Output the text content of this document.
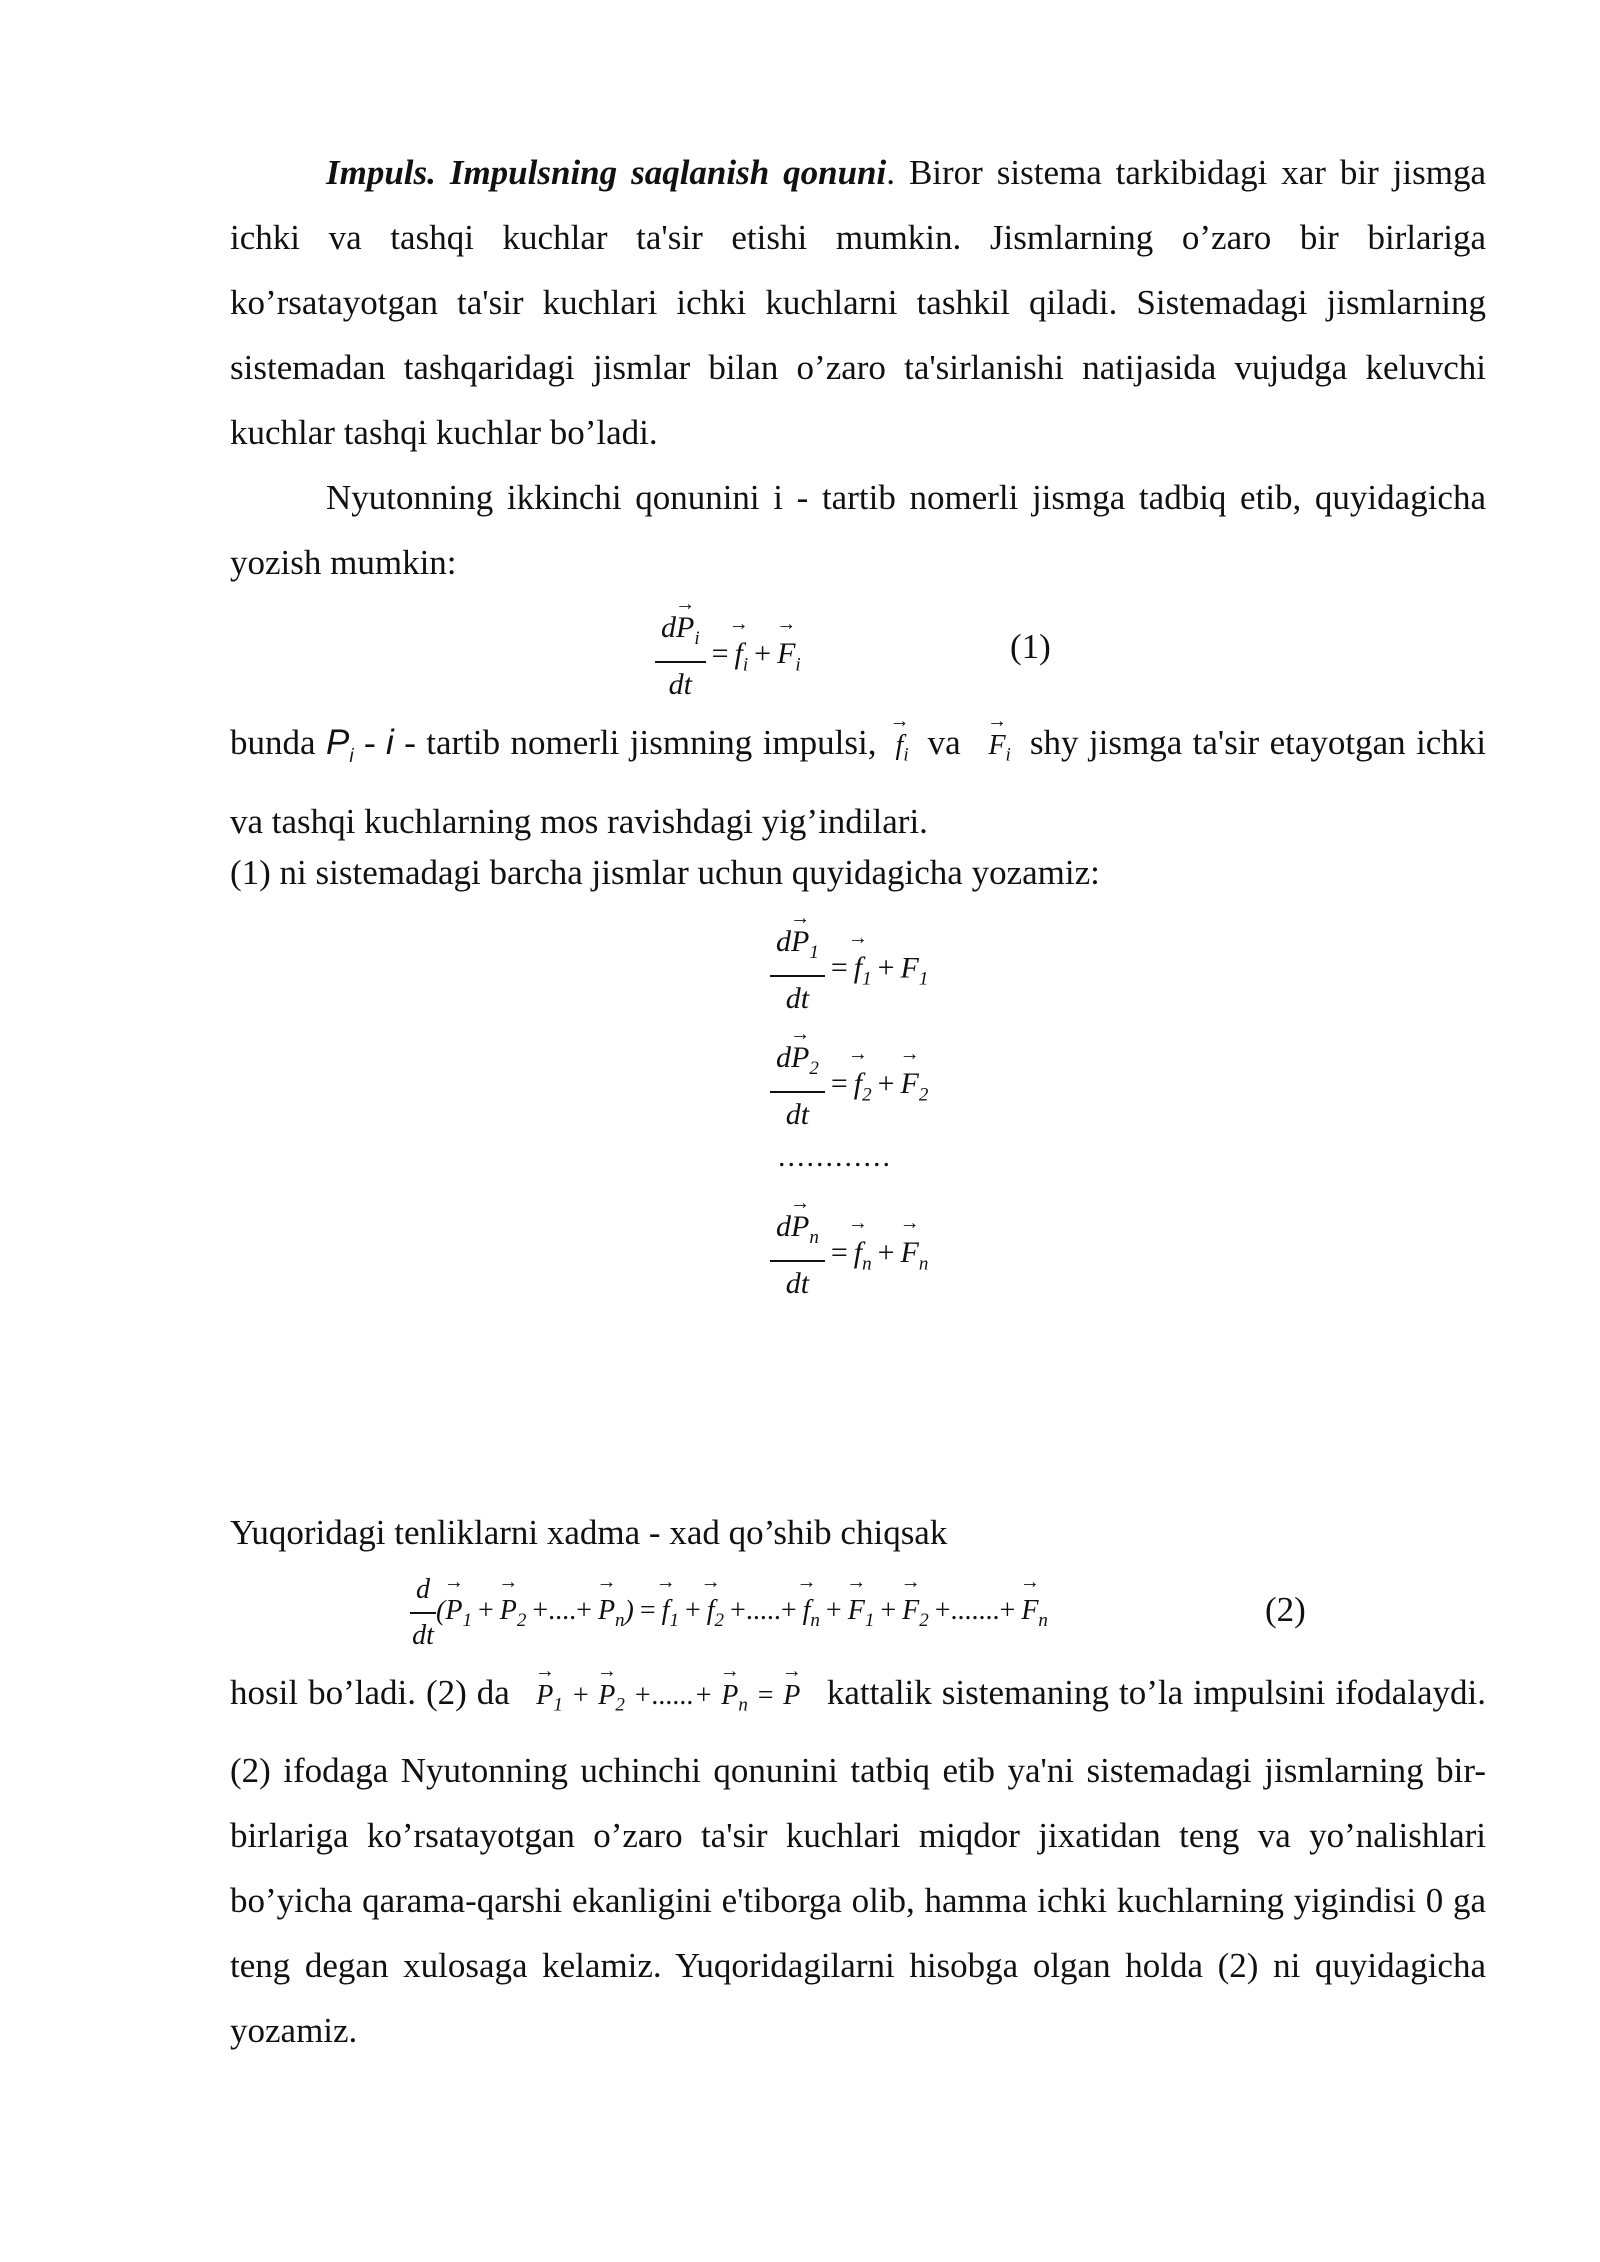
Impuls. Impulsning saqlanish qonuni. Biror sistema tarkibidagi xar bir jismga ichki va tashqi kuchlar ta'sir etishi mumkin. Jismlarning o’zaro bir birlariga ko’rsatayotgan ta'sir kuchlari ichki kuchlarni tashkil qiladi. Sistemadagi jismlarning sistemadan tashqaridagi jismlar bilan o’zaro ta'sirlanishi natijasida vujudga keluvchi kuchlar tashqi kuchlar bo’ladi.

Nyutonning ikkinchi qonunini i - tartib nomerli jismga tadbiq etib, quyidagicha yozish mumkin:

$\frac{d\to P_i}{dt} =\to f_i +\to F_i$	(1)

bunda $P_i$ - i - tartib nomerli jismning impulsi,  → $f_i$ va   → $F_i$ shy jismga ta'sir etayotgan ichki va tashqi kuchlarning mos ravishdagi yig’indilari.

(1) ni sistemadagi barcha jismlar uchun quyidagicha yozamiz:

$\frac{d\to P_1}{dt} =\to f_1 + F_1$
$\frac{d\to P_2}{dt} =\to f_2 +\to F_2$
............
$\frac{d\to P_n}{dt} =\to f_n +\to F_n$

Yuqoridagi tenliklarni xadma - xad qo’shib chiqsak

$\frac{d}{dt}$ (→ $P_1 +\to P_2$ +....+→ $P_n) =\to f_1 +\to f_2$ +.....+→ $f_n +\to F_1 +\to F_2$ +.......+→ $F_n$	(2)

hosil bo’ladi. (2) da   → $P_1$ + → $P_2$ +......+ → $P_n$ = → P kattalik sistemaning to’la impulsini ifodalaydi. (2) ifodaga Nyutonning uchinchi qonunini tatbiq etib ya'ni sistemadagi jismlarning bir-birlariga ko’rsatayotgan o’zaro ta'sir kuchlari miqdor jixatidan teng va yo’nalishlari bo’yicha qarama-qarshi ekanligini e'tiborga olib, hamma ichki kuchlarning yigindisi 0 ga teng degan xulosaga kelamiz. Yuqoridagilarni hisobga olgan holda (2) ni quyidagicha yozamiz.
